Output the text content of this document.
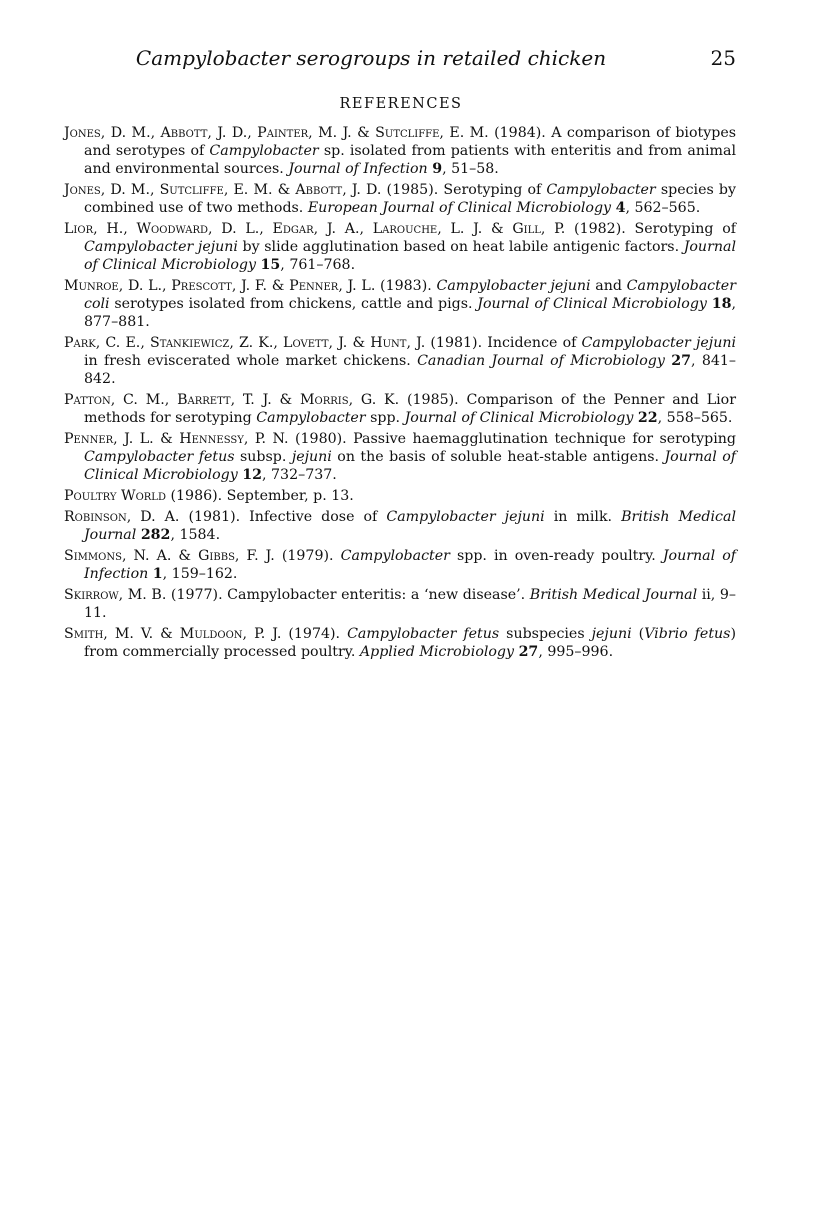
Campylobacter serogroups in retailed chicken	25
REFERENCES

Jones, D. M., Abbott, J. D., Painter, M. J. & Sutcliffe, E. M. (1984). A comparison of biotypes and serotypes of Campylobacter sp. isolated from patients with enteritis and from animal and environmental sources. Journal of Infection 9, 51–58.

Jones, D. M., Sutcliffe, E. M. & Abbott, J. D. (1985). Serotyping of Campylobacter species by combined use of two methods. European Journal of Clinical Microbiology 4, 562–565.

Lior, H., Woodward, D. L., Edgar, J. A., Larouche, L. J. & Gill, P. (1982). Serotyping of Campylobacter jejuni by slide agglutination based on heat labile antigenic factors. Journal of Clinical Microbiology 15, 761–768.

Munroe, D. L., Prescott, J. F. & Penner, J. L. (1983). Campylobacter jejuni and Campylobacter coli serotypes isolated from chickens, cattle and pigs. Journal of Clinical Microbiology 18, 877–881.

Park, C. E., Stankiewicz, Z. K., Lovett, J. & Hunt, J. (1981). Incidence of Campylobacter jejuni in fresh eviscerated whole market chickens. Canadian Journal of Microbiology 27, 841–842.

Patton, C. M., Barrett, T. J. & Morris, G. K. (1985). Comparison of the Penner and Lior methods for serotyping Campylobacter spp. Journal of Clinical Microbiology 22, 558–565.

Penner, J. L. & Hennessy, P. N. (1980). Passive haemagglutination technique for serotyping Campylobacter fetus subsp. jejuni on the basis of soluble heat-stable antigens. Journal of Clinical Microbiology 12, 732–737.

Poultry World (1986). September, p. 13.

Robinson, D. A. (1981). Infective dose of Campylobacter jejuni in milk. British Medical Journal 282, 1584.

Simmons, N. A. & Gibbs, F. J. (1979). Campylobacter spp. in oven-ready poultry. Journal of Infection 1, 159–162.

Skirrow, M. B. (1977). Campylobacter enteritis: a ‘new disease’. British Medical Journal ii, 9–11.

Smith, M. V. & Muldoon, P. J. (1974). Campylobacter fetus subspecies jejuni (Vibrio fetus) from commercially processed poultry. Applied Microbiology 27, 995–996.
